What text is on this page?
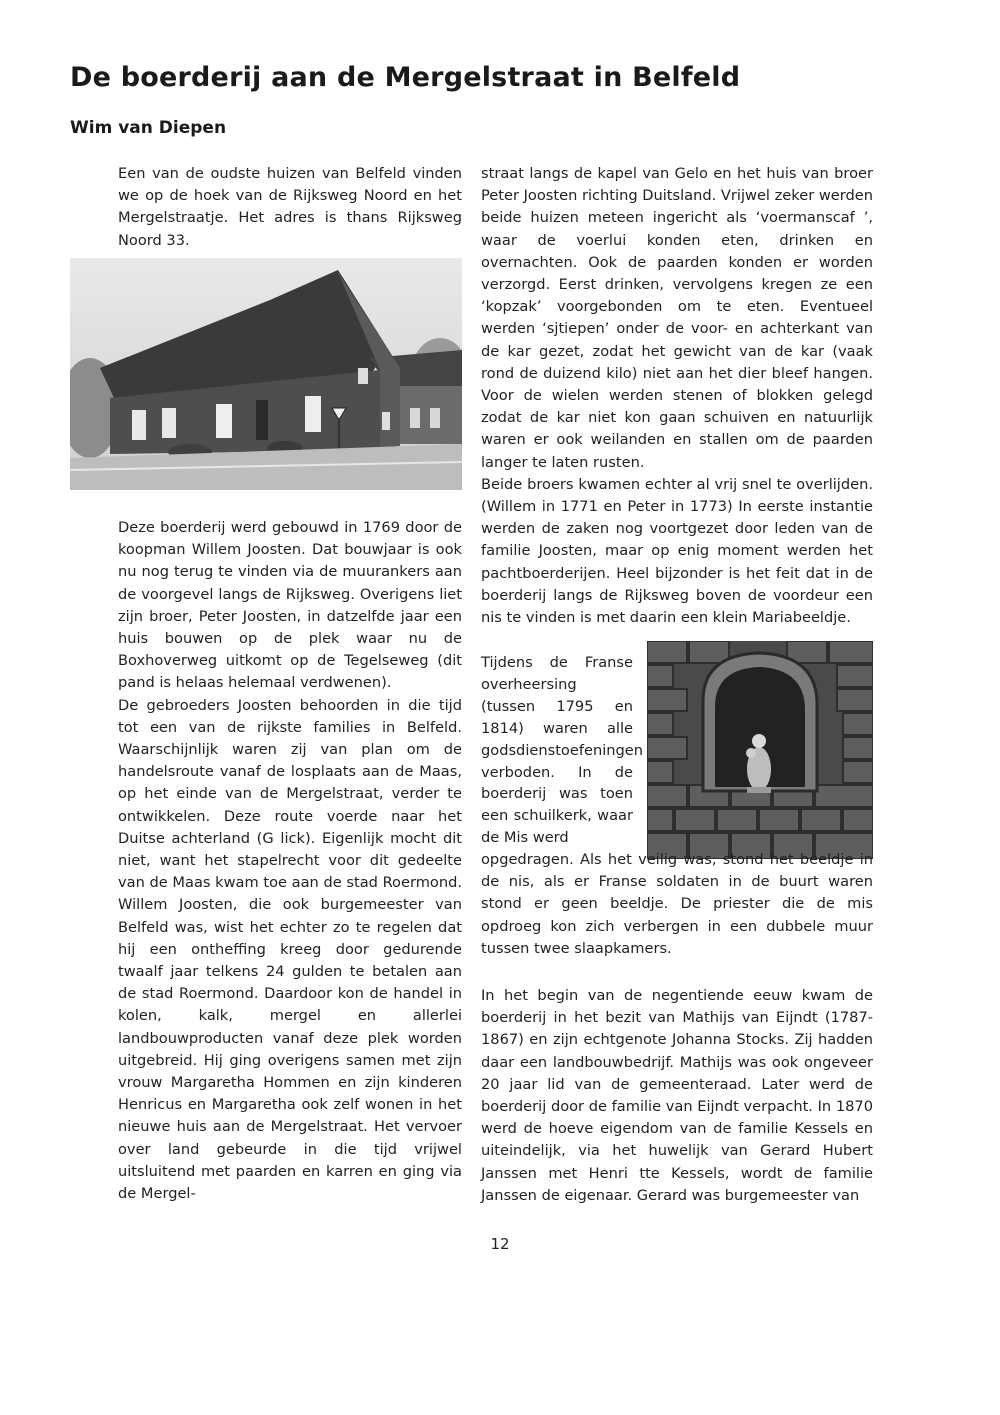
De boerderij aan de Mergelstraat in Belfeld
Wim van Diepen

Een van de oudste huizen van Belfeld vinden we op de hoek van de Rijksweg Noord en het Mergelstraatje. Het adres is thans Rijksweg Noord 33.

Deze boerderij werd gebouwd in 1769 door de koopman Willem Joosten. Dat bouwjaar is ook nu nog terug te vinden via de muurankers aan de voorgevel langs de Rijksweg. Overigens liet zijn broer, Peter Joosten, in datzelfde jaar een huis bouwen op de plek waar nu de Boxhoverweg uitkomt op de Tegelseweg (dit pand is helaas helemaal verdwenen).

De gebroeders Joosten behoorden in die tijd tot een van de rijkste families in Belfeld. Waarschijnlijk waren zij van plan om de handelsroute vanaf de losplaats aan de Maas, op het einde van de Mergelstraat, verder te ontwikkelen. Deze route voerde naar het Duitse achterland (G lick). Eigenlijk mocht dit niet, want het stapelrecht voor dit gedeelte van de Maas kwam toe aan de stad Roermond. Willem Joosten, die ook burgemeester van Belfeld was, wist het echter zo te regelen dat hij een ontheffing kreeg door gedurende twaalf jaar telkens 24 gulden te betalen aan de stad Roermond. Daardoor kon de handel in kolen, kalk, mergel en allerlei landbouwproducten vanaf deze plek worden uitgebreid. Hij ging overigens samen met zijn vrouw Margaretha Hommen en zijn kinderen Henricus en Margaretha ook zelf wonen in het nieuwe huis aan de Mergelstraat. Het vervoer over land gebeurde in die tijd vrijwel uitsluitend met paarden en karren en ging via de Mergel-

straat langs de kapel van Gelo en het huis van broer Peter Joosten richting Duitsland. Vrijwel zeker werden beide huizen meteen ingericht als ‘voermanscaf ’, waar de voerlui konden eten, drinken en overnachten. Ook de paarden konden er worden verzorgd. Eerst drinken, vervolgens kregen ze een ‘kopzak’ voorgebonden om te eten. Eventueel werden ‘sjtiepen’ onder de voor- en achterkant van de kar gezet, zodat het gewicht van de kar (vaak rond de duizend kilo) niet aan het dier bleef hangen. Voor de wielen werden stenen of blokken gelegd zodat de kar niet kon gaan schuiven en natuurlijk waren er ook weilanden en stallen om de paarden langer te laten rusten.

Beide broers kwamen echter al vrij snel te overlijden. (Willem in 1771 en Peter in 1773) In eerste instantie werden de zaken nog voortgezet door leden van de familie Joosten, maar op enig moment werden het pachtboerderijen. Heel bijzonder is het feit dat in de boerderij langs de Rijksweg boven de voordeur een nis te vinden is met daarin een klein Mariabeeldje.

Tijdens de Franse overheersing (tussen 1795 en 1814) waren alle godsdienstoefeningen verboden. In de boerderij was toen een schuilkerk, waar de Mis werd

In het begin van de negentiende eeuw kwam de boerderij in het bezit van Mathijs van Eijndt (1787-1867) en zijn echtgenote Johanna Stocks. Zij hadden daar een landbouwbedrijf. Mathijs was ook ongeveer 20 jaar lid van de gemeenteraad. Later werd de boerderij door de familie van Eijndt verpacht. In 1870 werd de hoeve eigendom van de familie Kessels en uiteindelijk, via het huwelijk van Gerard Hubert Janssen met Henri tte Kessels, wordt de familie Janssen de eigenaar. Gerard was burgemeester van

12
opgedragen. Als het veilig was, stond het beeldje in de nis, als er Franse soldaten in de buurt waren stond er geen beeldje. De priester die de mis opdroeg kon zich verbergen in een dubbele muur tussen twee slaapkamers.
